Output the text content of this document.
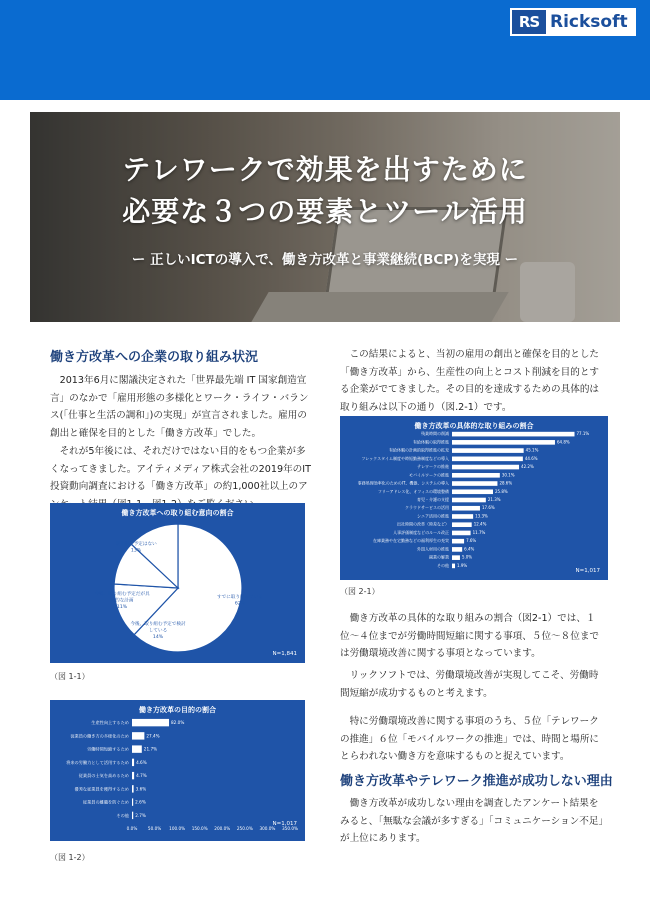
RS Ricksoft
テレワークで効果を出すために
必要な３つの要素とツール活用
ー 正しいICTの導入で、働き方改革と事業継続(BCP)を実現 ー
働き方改革への企業の取り組み状況
2013年6月に閣議決定された「世界最先端 IT 国家創造宣言」のなかで「雇用形態の多様化とワーク・ライフ・バランス(「仕事と生活の調和」)の実現」が宣言されました。雇用の創出と確保を目的とした「働き方改革」でした。
それが5年後には、それだけではない目的をもつ企業が多くなってきました。アイティメディア株式会社の2019年のIT投資動向調査における「働き方改革」の約1,000社以上のア
働き方改革への取り組む意向の割合
すでに取り組んでいる
62%
今後、取り組む予定で検討
している
14%
今後、取り組む予定だが具
体的な計画
11%
取り組む予定はない
13%
N=1,841
（図 1-1）
働き方改革の目的の割合
生産性向上するため	82.0%
従業員の働き方の多様化のため	27.4%
労働時間短縮するため	21.7%
将来の労働力として活用するため 4.6%
従業員の士気を高めるため 4.7%
優秀な従業員を獲得するため 3.6%
従業員の離職を防ぐため 2.6%
その他 2.7%
0.0%	50.0% 100.0% 150.0% 200.0% 250.0% 300.0% 350.0%
N=1,017
（図 1-2）
この結果によると、当初の雇用の創出と確保を目的とした「働き方改革」から、生産性の向上とコスト削減を目的とする企業がでてきました。その目的を達成するための具体的は取り組みは以下の通り（図.2-1）です。
働き方改革の具体的な取り組みの割合
残業時間の削減	77.1%
有給休暇の取得推進	64.8%
有給休暇の計画的取得推進の拡充	45.1%
フレックスタイム制度や時短勤務制度などの導入	44.6%
テレワークの推進	42.2%
モバイルワークの推進	30.1%
事務処理効率化のためのIT、機器、システムの導入	28.6%
フリーアドレス化、オフィスの環境整備	25.8%
育児・介護の支援	21.3%
クラウドサービスの活用	17.6%
シニア活用の推進	13.3%
出社時間の改革（時差など）	12.4%
人事評価制度などのルール改正	11.7%
在庫業務や在宅勤務などの福利厚生の充実	7.6%
外国人材用の推進	6.4%
副業の解禁	5.0%
その他 1.9%
N=1,017
（図 2-1）
働き方改革の具体的な取り組みの割合（図2-1）では、１位〜４位までが労働時間短縮に関する事項、５位〜８位までは労働環境改善に関する事項となっています。
リックソフトでは、労働環境改善が実現してこそ、労働時間短縮が成功するものと考えます。
特に労働環境改善に関する事項のうち、５位「テレワークの推進」６位「モバイルワークの推進」では、時間と場所にとらわれない働き方を意味するものと捉えています。
働き方改革やテレワーク推進が成功しない理由
働き方改革が成功しない理由を調査したアンケート結果をみると、「無駄な会議が多すぎる」「コミュニケーション不足」が上位にあります。
